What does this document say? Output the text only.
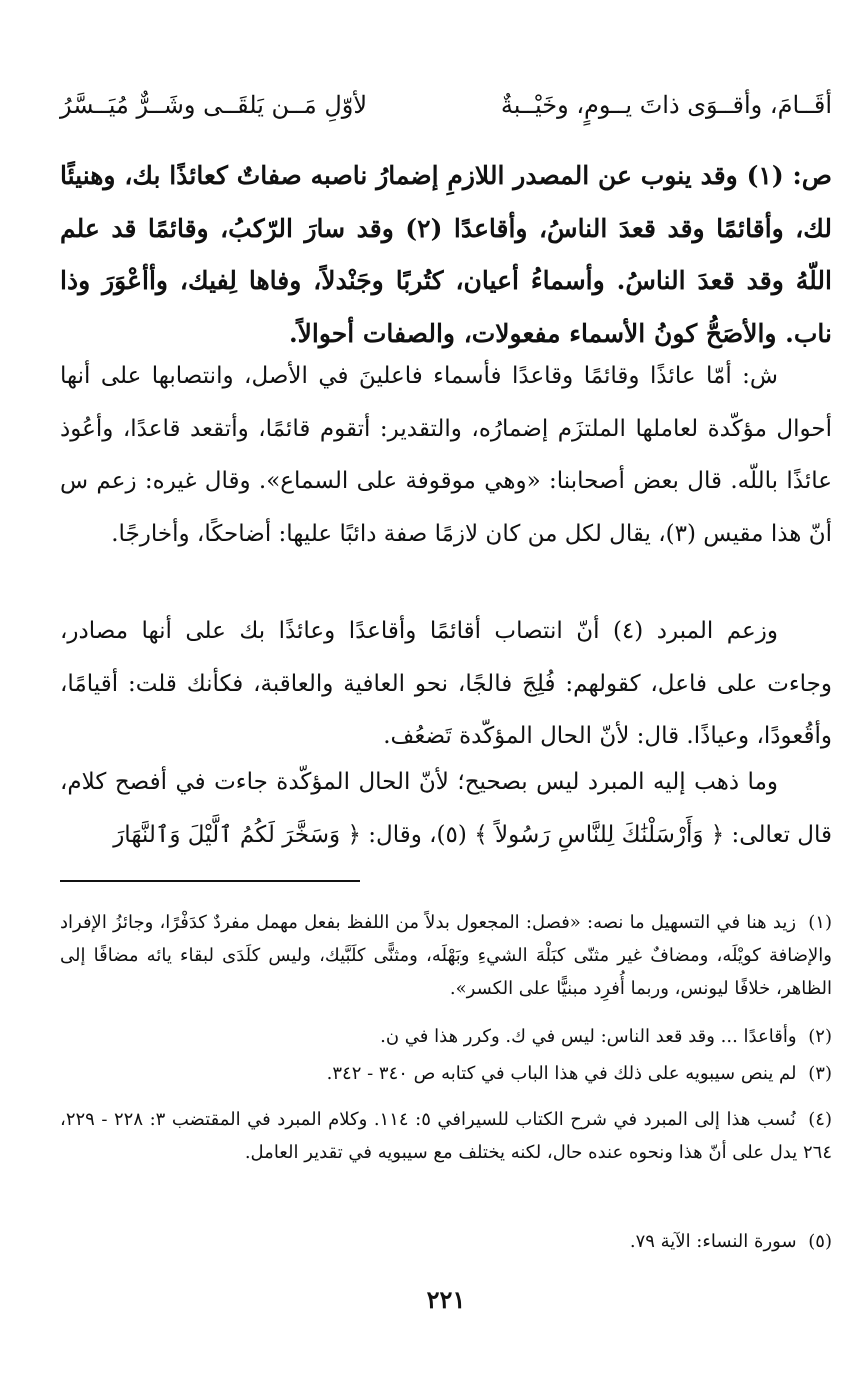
أقَــامَ، وأقــوَى ذاتَ يــومٍ، وخَيْــبةٌ
لأوّلِ مَــن يَلقَــى وشَــرٌّ مُيَــسَّرُ
ص: (١) وقد ينوب عن المصدر اللازمِ إضمارُ ناصبه صفاتٌ كعائذًا بك، وهنيئًا لك، وأقائمًا وقد قعدَ الناسُ، وأقاعدًا (٢) وقد سارَ الرّكبُ، وقائمًا قد علم اللّهُ وقد قعدَ الناسُ. وأسماءُ أعيان، كتُربًا وجَنْدلاً، وفاها لِفيك، وأأعْوَرَ وذا ناب. والأصَحُّ كونُ الأسماء مفعولات، والصفات أحوالاً.
ش: أمّا عائذًا وقائمًا وقاعدًا فأسماء فاعلينَ في الأصل، وانتصابها على أنها أحوال مؤكّدة لعاملها الملتزَم إضمارُه، والتقدير: أتقوم قائمًا، وأتقعد قاعدًا، وأعُوذ عائذًا باللّه. قال بعض أصحابنا: «وهي موقوفة على السماع». وقال غيره: زعم س أنّ هذا مقيس (٣)، يقال لكل من كان لازمًا صفة دائبًا عليها: أضاحكًا، وأخارجًا.
وزعم المبرد (٤) أنّ انتصاب أقائمًا وأقاعدًا وعائذًا بك على أنها مصادر، وجاءت على فاعل، كقولهم: فُلِجَ فالجًا، نحو العافية والعاقبة، فكأنك قلت: أقيامًا، وأقُعودًا، وعياذًا. قال: لأنّ الحال المؤكّدة تَضعُف.
وما ذهب إليه المبرد ليس بصحيح؛ لأنّ الحال المؤكّدة جاءت في أفصح كلام، قال تعالى: ﴿ وَأَرْسَلْنَٰكَ لِلنَّاسِ رَسُولاً ﴾ (٥)، وقال: ﴿ وَسَخَّرَ لَكُمُ ٱلَّيْلَ وَٱلنَّهَارَ
(١) زيد هنا في التسهيل ما نصه: «فصل: المجعول بدلاً من اللفظ بفعل مهمل مفردٌ كدَفْرًا، وجائزُ الإفراد والإضافة كويْلَه، ومضافٌ غير مثنّى كبَلْهَ الشيءِ وبَهْلَه، ومثنًّى كلَبَّيك، وليس كلَدَى لبقاء يائه مضافًا إلى الظاهر، خلافًا ليونس، وربما أُفرِد مبنيًّا على الكسر».
(٢) وأقاعدًا ... وقد قعد الناس: ليس في ك. وكرر هذا في ن.
(٣) لم ينص سيبويه على ذلك في هذا الباب في كتابه ص ٣٤٠ - ٣٤٢.
(٤) نُسب هذا إلى المبرد في شرح الكتاب للسيرافي ٥: ١١٤. وكلام المبرد في المقتضب ٣: ٢٢٨ - ٢٢٩، ٢٦٤ يدل على أنّ هذا ونحوه عنده حال، لكنه يختلف مع سيبويه في تقدير العامل.
(٥) سورة النساء: الآية ٧٩.
٢٢١
